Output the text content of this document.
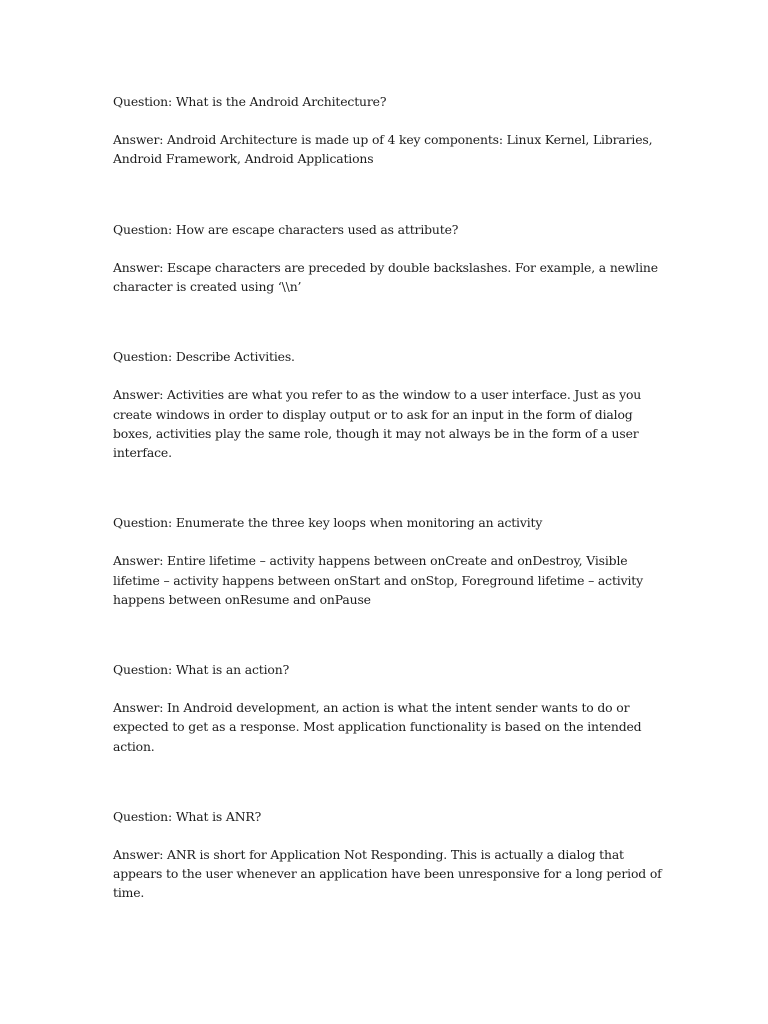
Question: What is the Android Architecture?

Answer: Android Architecture is made up of 4 key components: Linux Kernel, Libraries, Android Framework, Android Applications

Question: How are escape characters used as attribute?

Answer: Escape characters are preceded by double backslashes. For example, a newline character is created using ‘\\n’

Question: Describe Activities.

Answer: Activities are what you refer to as the window to a user interface. Just as you create windows in order to display output or to ask for an input in the form of dialog boxes, activities play the same role, though it may not always be in the form of a user interface.

Question: Enumerate the three key loops when monitoring an activity

Answer: Entire lifetime – activity happens between onCreate and onDestroy, Visible lifetime – activity happens between onStart and onStop, Foreground lifetime – activity happens between onResume and onPause

Question: What is an action?

Answer: In Android development, an action is what the intent sender wants to do or expected to get as a response. Most application functionality is based on the intended action.

Question: What is ANR?

Answer: ANR is short for Application Not Responding. This is actually a dialog that appears to the user whenever an application have been unresponsive for a long period of time.
